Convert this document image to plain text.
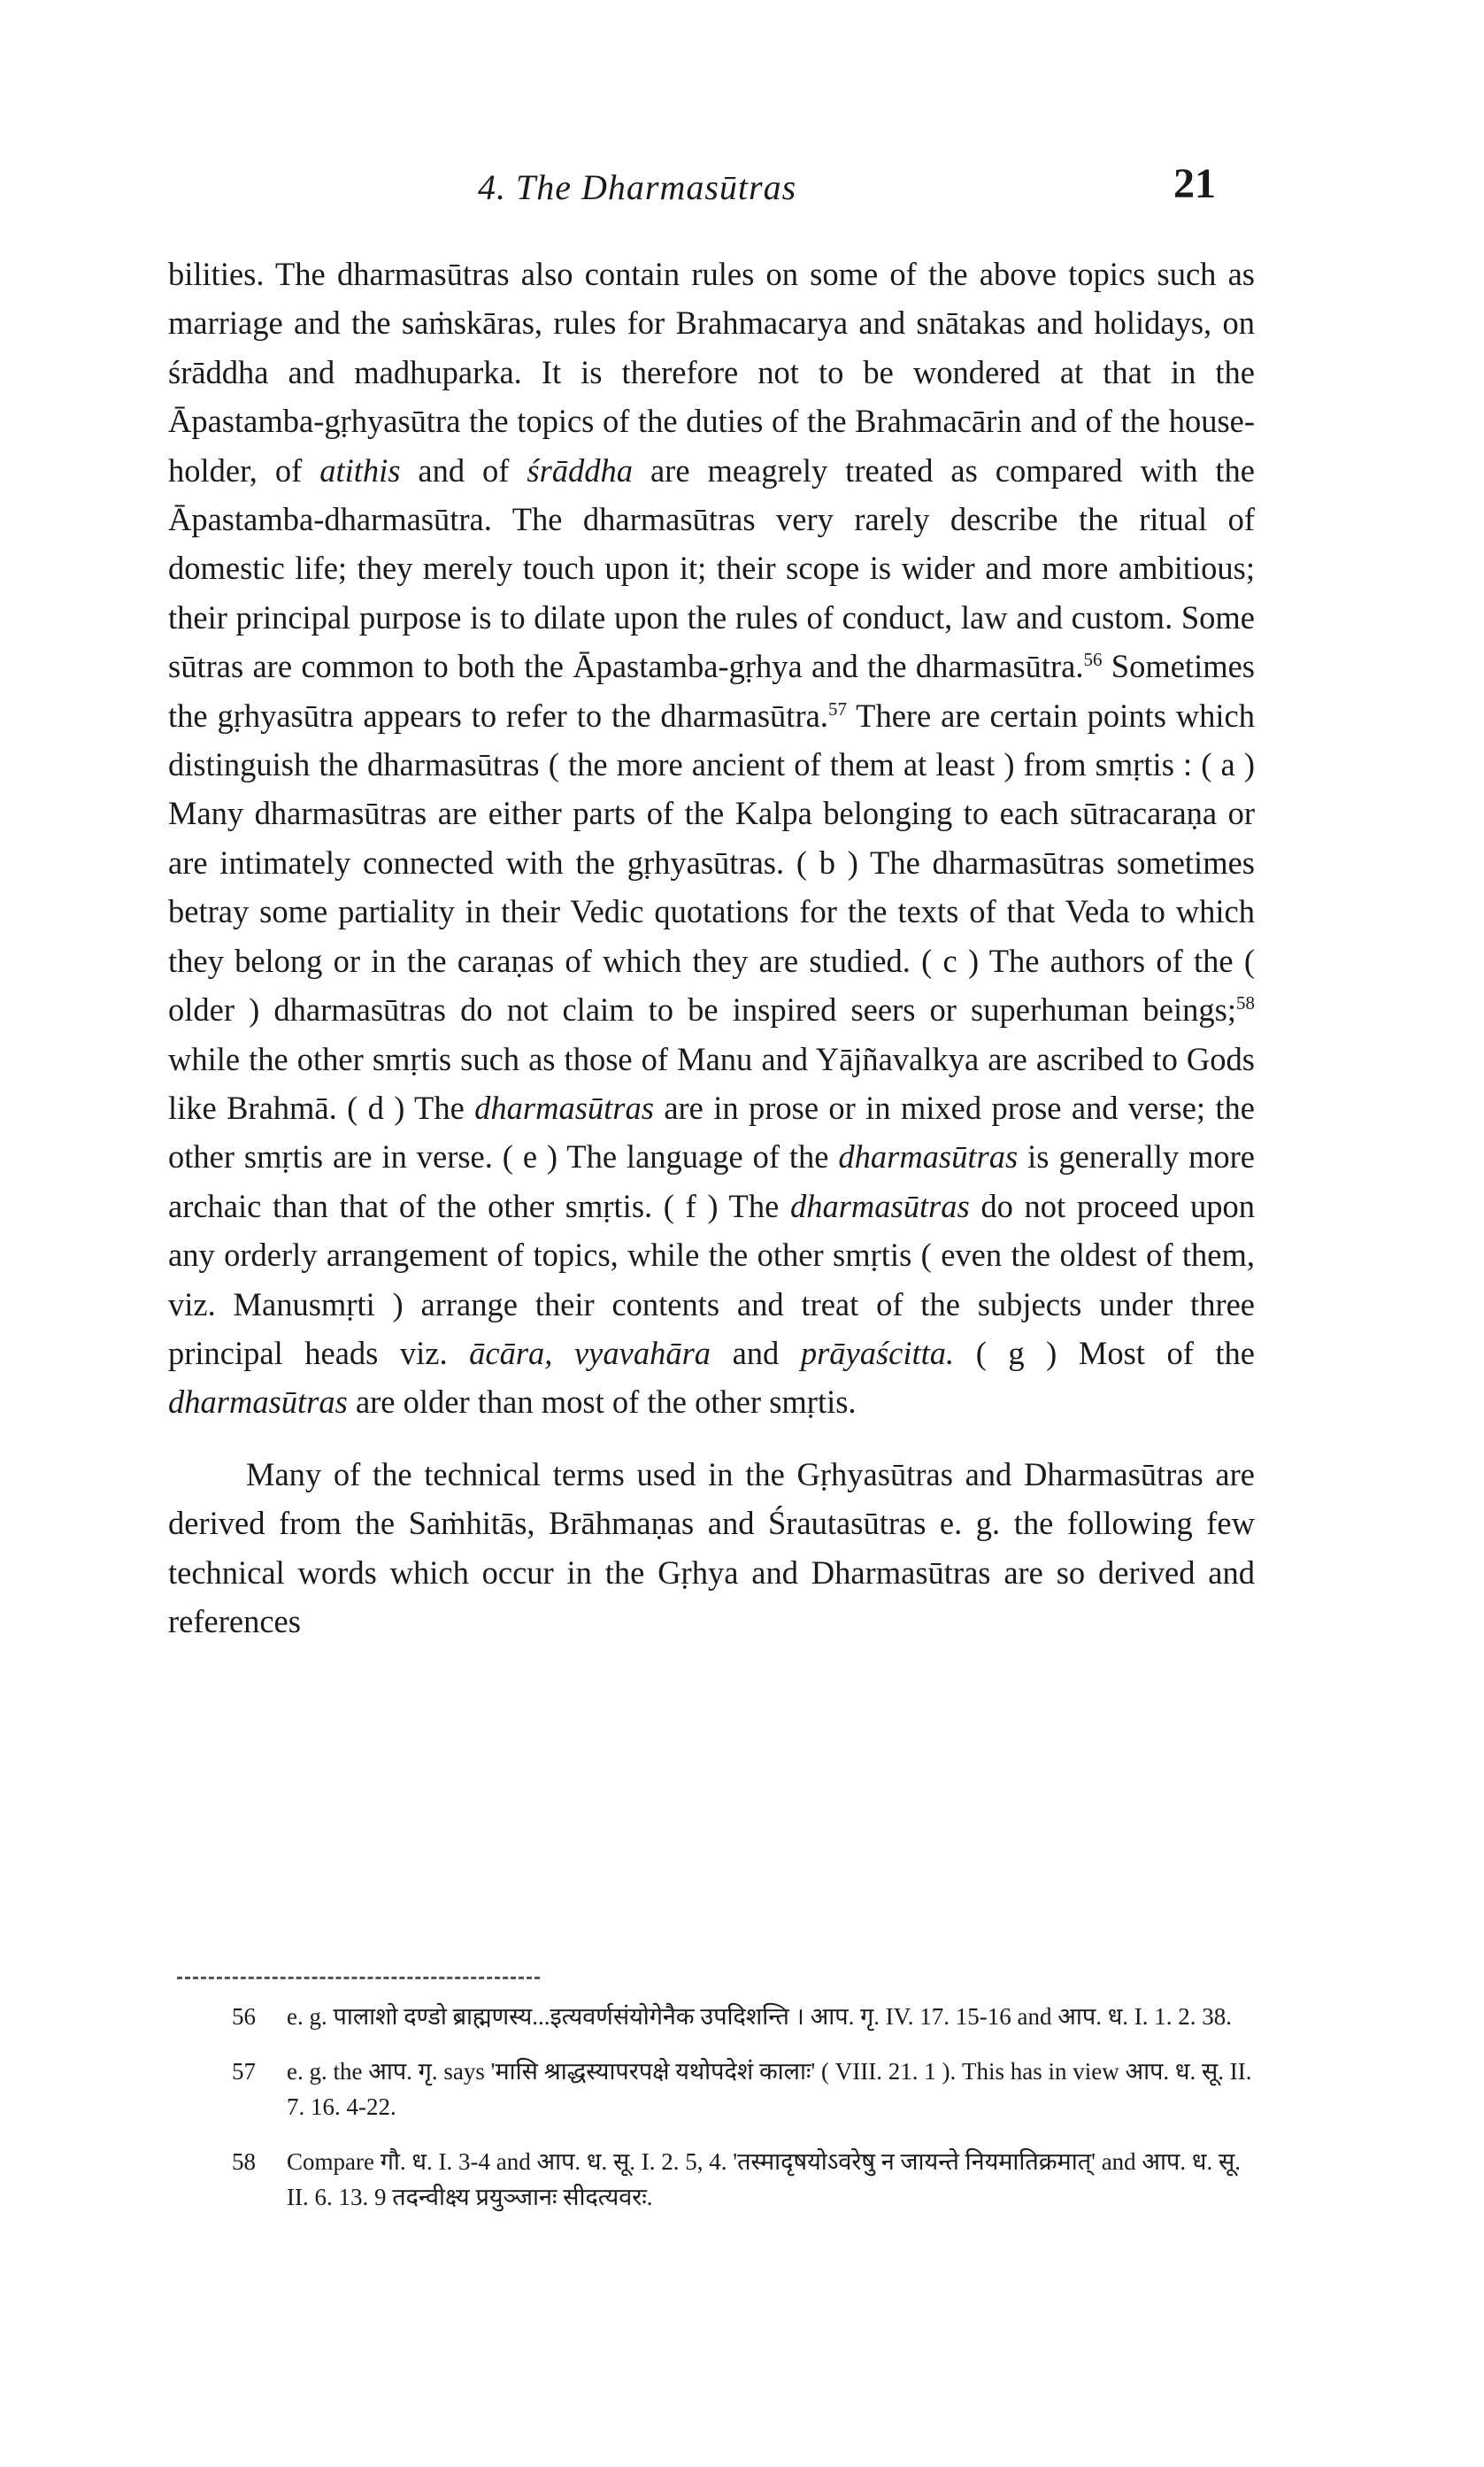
4. The Dharmasūtras	21

bilities. The dharmasūtras also contain rules on some of the above topics such as marriage and the saṁskāras, rules for Brahmacarya and snātakas and holidays, on śrāddha and madhuparka. It is therefore not to be wondered at that in the Āpastamba-gṛhyasūtra the topics of the duties of the Brahmacārin and of the house-holder, of atithis and of śrāddha are meagrely treated as compared with the Āpastamba-dharmasūtra. The dharmasūtras very rarely describe the ritual of domestic life; they merely touch upon it; their scope is wider and more ambitious; their principal purpose is to dilate upon the rules of conduct, law and custom. Some sūtras are common to both the Āpastamba-gṛhya and the dharmasūtra.$^{56}$ Sometimes the gṛhyasūtra appears to refer to the dharmasūtra.$^{57}$ There are certain points which distinguish the dharmasūtras ( the more ancient of them at least ) from smṛtis : ( a ) Many dharmasūtras are either parts of the Kalpa belonging to each sūtracaraṇa or are intimately connected with the gṛhyasūtras. ( b ) The dharmasūtras sometimes betray some partiality in their Vedic quotations for the texts of that Veda to which they belong or in the caraṇas of which they are studied. ( c ) The authors of the ( older ) dharmasūtras do not claim to be inspired seers or superhuman beings;$^{58}$ while the other smṛtis such as those of Manu and Yājñavalkya are ascribed to Gods like Brahmā. ( d ) The dharmasūtras are in prose or in mixed prose and verse; the other smṛtis are in verse. ( e ) The language of the dharmasūtras is generally more archaic than that of the other smṛtis. ( f ) The dharmasūtras do not proceed upon any orderly arrangement of topics, while the other smṛtis ( even the oldest of them, viz. Manusmṛti ) arrange their contents and treat of the subjects under three principal heads viz. ācāra, vyavahāra and prāyaścitta. ( g ) Most of the dharmasūtras are older than most of the other smṛtis.

Many of the technical terms used in the Gṛhyasūtras and Dharmasūtras are derived from the Saṁhitās, Brāhmaṇas and Śrautasūtras e. g. the following few technical words which occur in the Gṛhya and Dharmasūtras are so derived and references

56 e. g. पालाशो दण्डो ब्राह्मणस्य...इत्यवर्णसंयोगेनैक उपदिशन्ति । आप. गृ. IV. 17. 15-16 and आप. ध. I. 1. 2. 38.
57 e. g. the आप. गृ. says 'मासि श्राद्धस्यापरपक्षे यथोपदेशं कालाः' ( VIII. 21. 1 ). This has in view आप. ध. सू. II. 7. 16. 4-22.
58 Compare गौ. ध. I. 3-4 and आप. ध. सू. I. 2. 5, 4. 'तस्मादृषयोऽवरेषु न जायन्ते नियमातिक्रमात्' and आप. ध. सू. II. 6. 13. 9 तदन्वीक्ष्य प्रयुञ्जानः सीदत्यवरः.
